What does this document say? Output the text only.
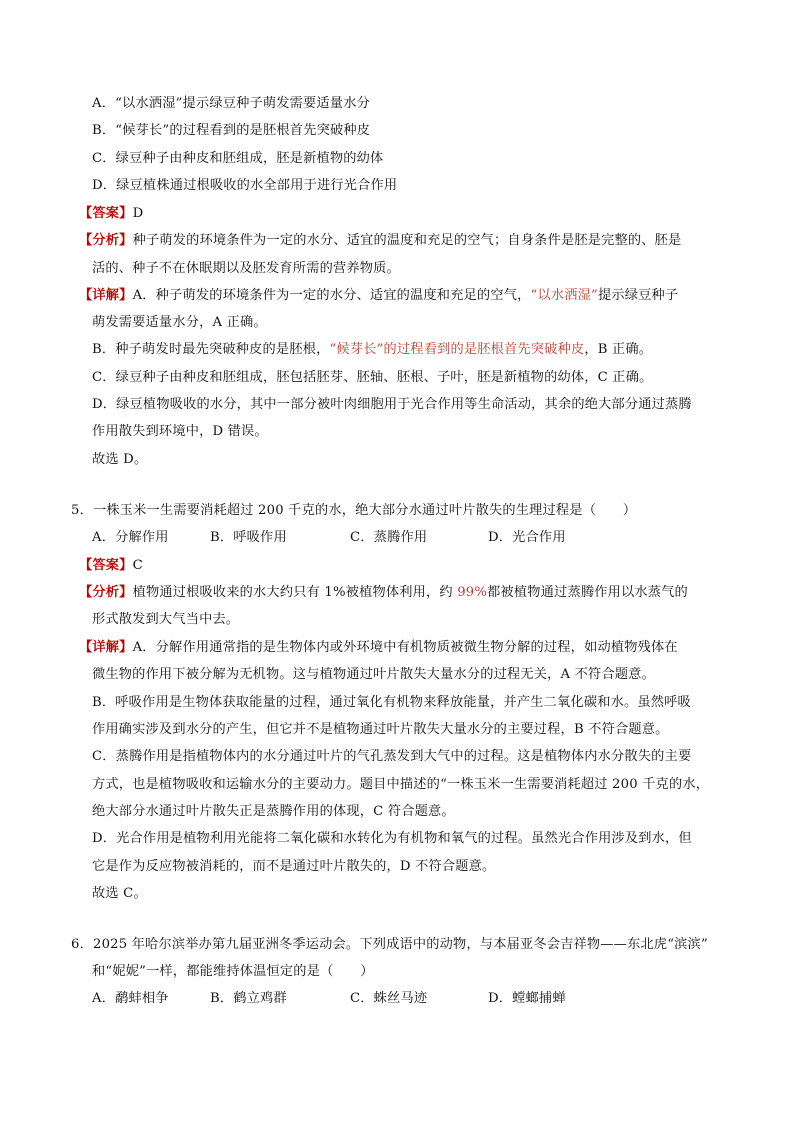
A．“以水洒湿”提示绿豆种子萌发需要适量水分
B．“候芽长”的过程看到的是胚根首先突破种皮
C．绿豆种子由种皮和胚组成，胚是新植物的幼体
D．绿豆植株通过根吸收的水全部用于进行光合作用
【答案】D
【分析】种子萌发的环境条件为一定的水分、适宜的温度和充足的空气；自身条件是胚是完整的、胚是
活的、种子不在休眠期以及胚发育所需的营养物质。
【详解】A．种子萌发的环境条件为一定的水分、适宜的温度和充足的空气，“以水洒湿”提示绿豆种子
萌发需要适量水分，A 正确。
B．种子萌发时最先突破种皮的是胚根，“候芽长”的过程看到的是胚根首先突破种皮，B 正确。
C．绿豆种子由种皮和胚组成，胚包括胚芽、胚轴、胚根、子叶，胚是新植物的幼体，C 正确。
D．绿豆植物吸收的水分，其中一部分被叶肉细胞用于光合作用等生命活动，其余的绝大部分通过蒸腾
作用散失到环境中，D 错误。
故选 D。
5．一株玉米一生需要消耗超过 200 千克的水，绝大部分水通过叶片散失的生理过程是（　　）
A．分解作用	B．呼吸作用	C．蒸腾作用	D．光合作用
【答案】C
【分析】植物通过根吸收来的水大约只有 1%被植物体利用，约 99%都被植物通过蒸腾作用以水蒸气的
形式散发到大气当中去。
【详解】A．分解作用通常指的是生物体内或外环境中有机物质被微生物分解的过程，如动植物残体在
微生物的作用下被分解为无机物。这与植物通过叶片散失大量水分的过程无关，A 不符合题意。
B．呼吸作用是生物体获取能量的过程，通过氧化有机物来释放能量，并产生二氧化碳和水。虽然呼吸
作用确实涉及到水分的产生，但它并不是植物通过叶片散失大量水分的主要过程，B 不符合题意。
C．蒸腾作用是指植物体内的水分通过叶片的气孔蒸发到大气中的过程。这是植物体内水分散失的主要
方式，也是植物吸收和运输水分的主要动力。题目中描述的“一株玉米一生需要消耗超过 200 千克的水，
绝大部分水通过叶片散失正是蒸腾作用的体现，C 符合题意。
D．光合作用是植物利用光能将二氧化碳和水转化为有机物和氧气的过程。虽然光合作用涉及到水，但
它是作为反应物被消耗的，而不是通过叶片散失的，D 不符合题意。
故选 C。
6．2025 年哈尔滨举办第九届亚洲冬季运动会。下列成语中的动物，与本届亚冬会吉祥物——东北虎“滨滨”
和“妮妮”一样，都能维持体温恒定的是（　　）
A．鹬蚌相争	B．鹤立鸡群	C．蛛丝马迹	D．螳螂捕蝉
